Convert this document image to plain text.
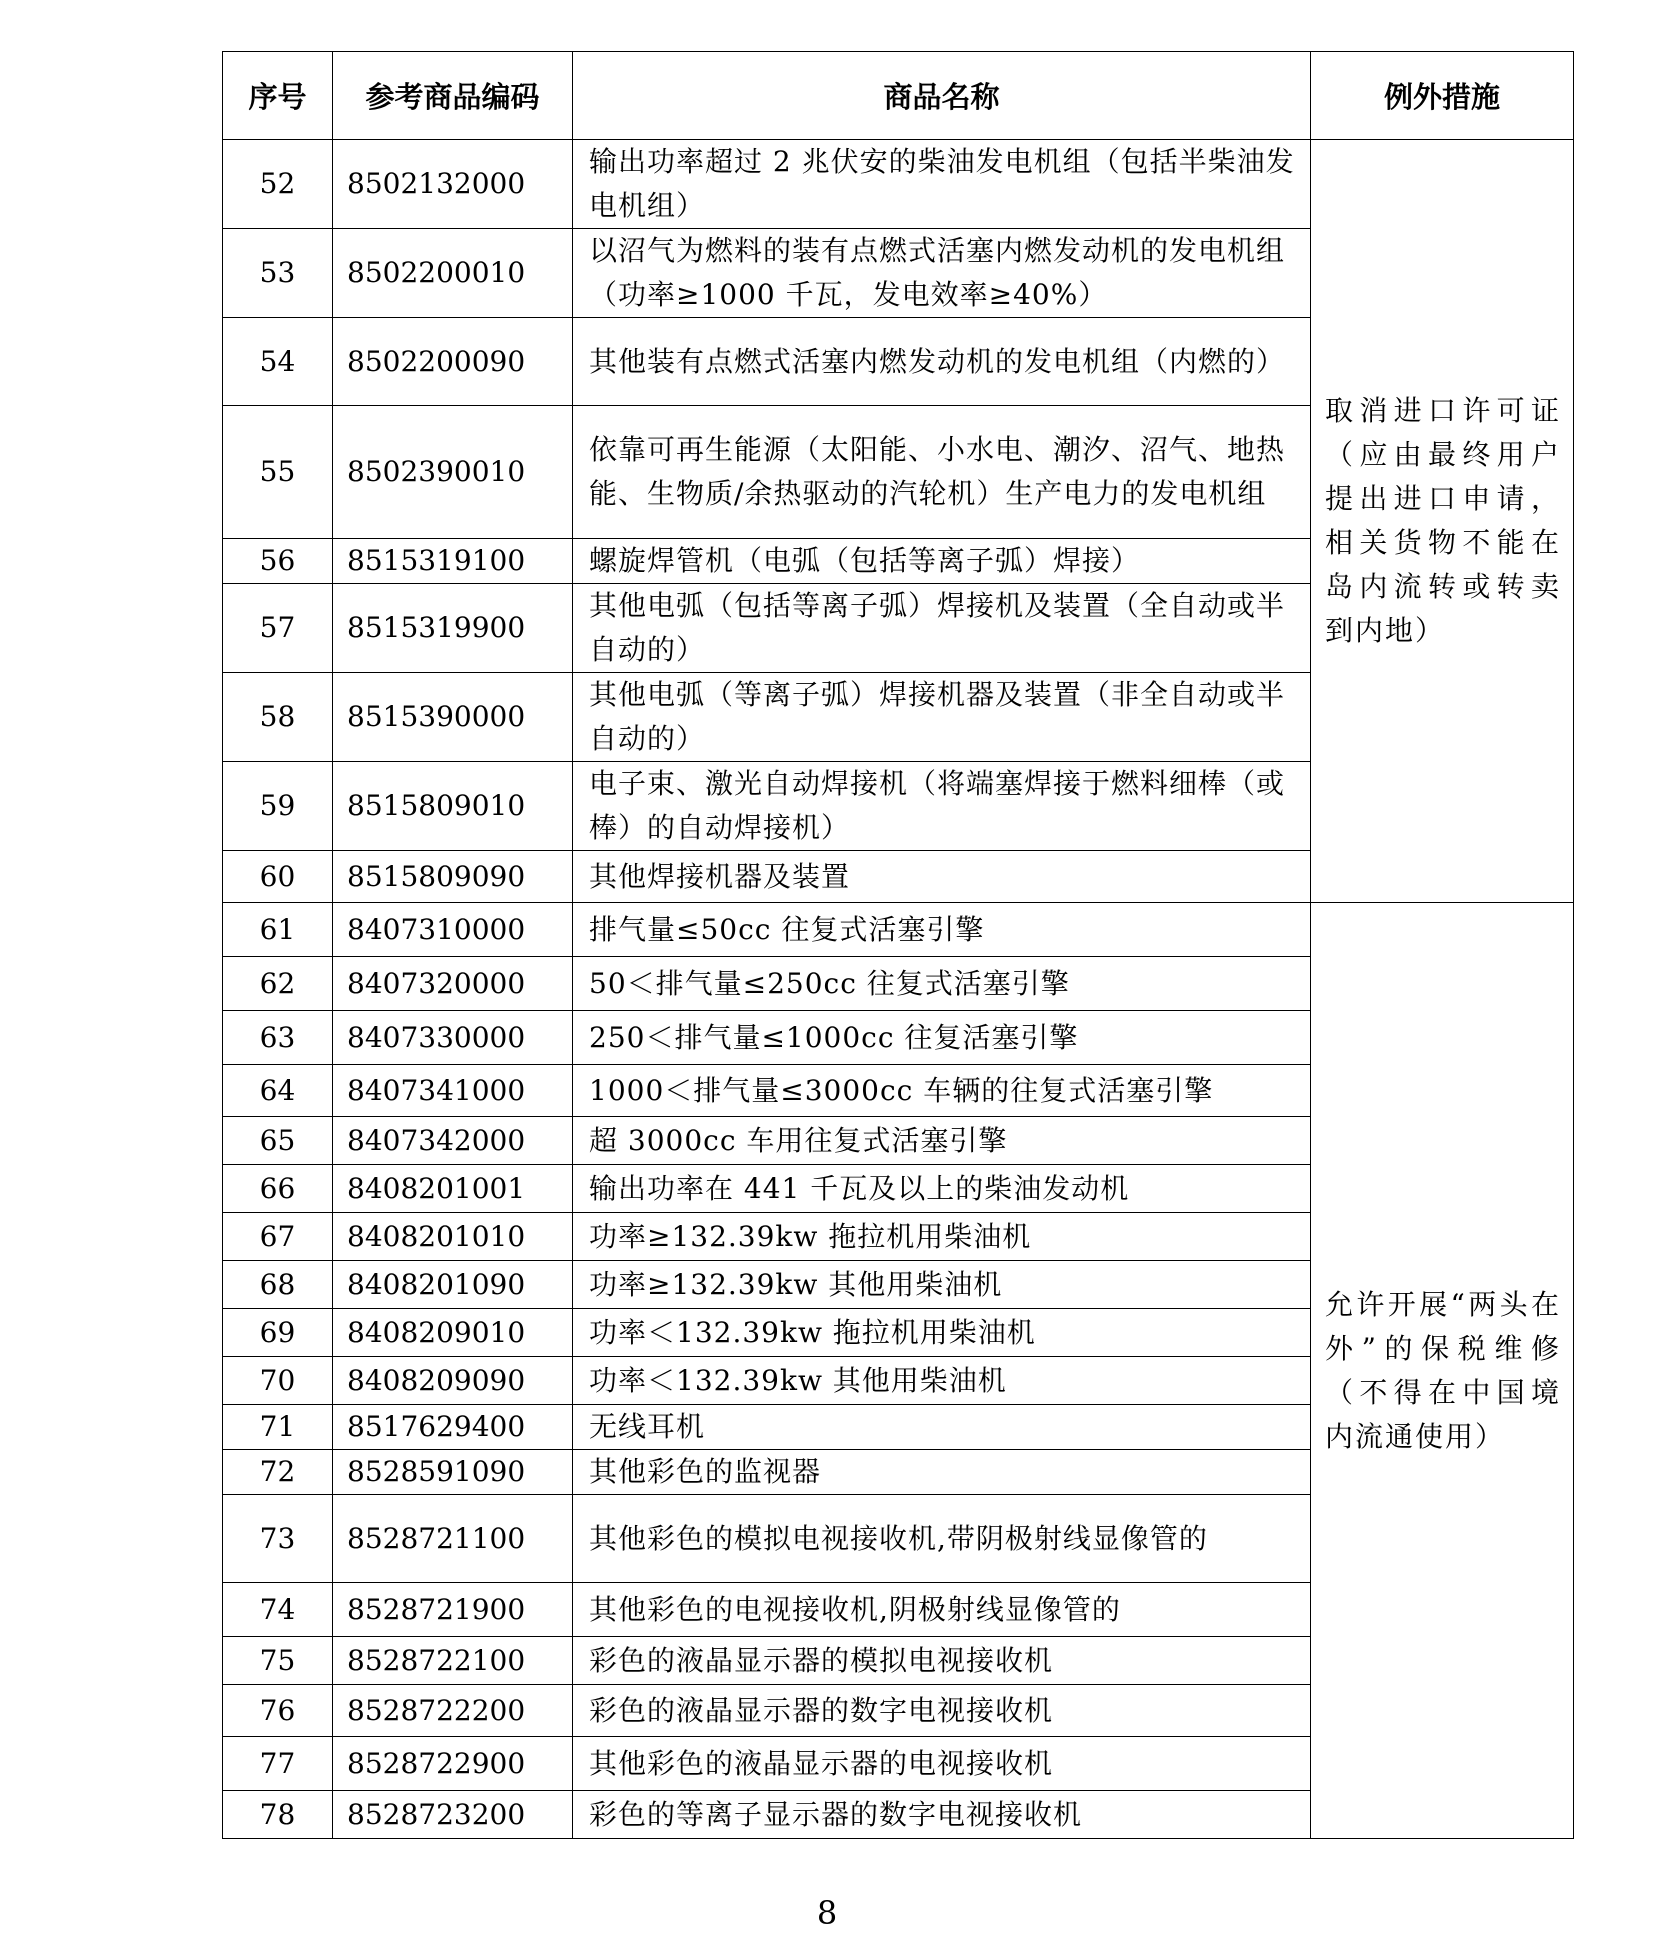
序号	参考商品编码	商品名称	例外措施
52	8502132000	输出功率超过 2 兆伏安的柴油发电机组（包括半柴油发电机组）	取消进口许可证（应由最终用户提出进口申请，相关货物不能在岛内流转或转卖到内地）
53	8502200010	以沼气为燃料的装有点燃式活塞内燃发动机的发电机组（功率≥1000 千瓦，发电效率≥40%）	
54	8502200090	其他装有点燃式活塞内燃发动机的发电机组（内燃的）	
55	8502390010	依靠可再生能源（太阳能、小水电、潮汐、沼气、地热能、生物质/余热驱动的汽轮机）生产电力的发电机组	
56	8515319100	螺旋焊管机（电弧（包括等离子弧）焊接）	
57	8515319900	其他电弧（包括等离子弧）焊接机及装置（全自动或半自动的）	
58	8515390000	其他电弧（等离子弧）焊接机器及装置（非全自动或半自动的）	
59	8515809010	电子束、激光自动焊接机（将端塞焊接于燃料细棒（或棒）的自动焊接机）	
60	8515809090	其他焊接机器及装置	
61	8407310000	排气量≤50cc 往复式活塞引擎	允许开展“两头在外”的保税维修（不得在中国境内流通使用）
62	8407320000	50＜排气量≤250cc 往复式活塞引擎	
63	8407330000	250＜排气量≤1000cc 往复活塞引擎	
64	8407341000	1000＜排气量≤3000cc 车辆的往复式活塞引擎	
65	8407342000	超 3000cc 车用往复式活塞引擎	
66	8408201001	输出功率在 441 千瓦及以上的柴油发动机	
67	8408201010	功率≥132.39kw 拖拉机用柴油机	
68	8408201090	功率≥132.39kw 其他用柴油机	
69	8408209010	功率＜132.39kw 拖拉机用柴油机	
70	8408209090	功率＜132.39kw 其他用柴油机	
71	8517629400	无线耳机	
72	8528591090	其他彩色的监视器	
73	8528721100	其他彩色的模拟电视接收机,带阴极射线显像管的	
74	8528721900	其他彩色的电视接收机,阴极射线显像管的	
75	8528722100	彩色的液晶显示器的模拟电视接收机	
76	8528722200	彩色的液晶显示器的数字电视接收机	
77	8528722900	其他彩色的液晶显示器的电视接收机	
78	8528723200	彩色的等离子显示器的数字电视接收机	
8
